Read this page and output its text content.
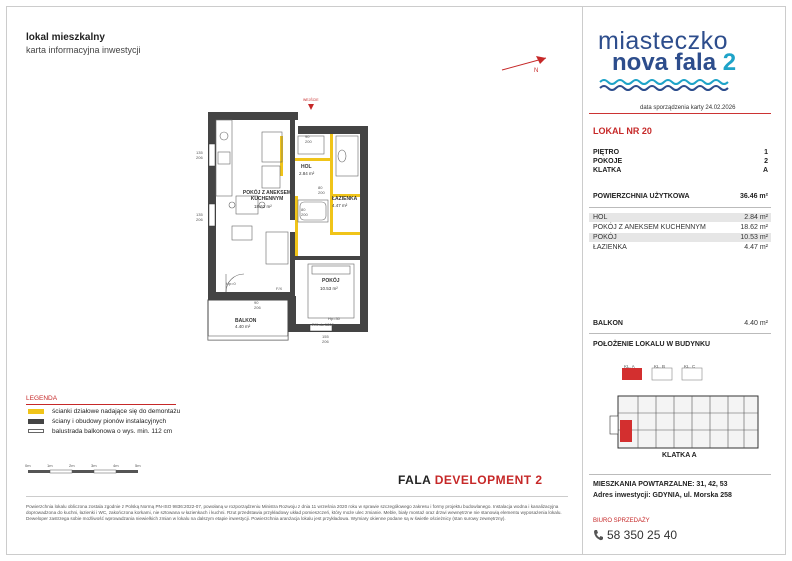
lokal mieszkalny
karta informacyjna inwestycji
N
miasteczko
nova fala 2
data sporządzenia karty 24.02.2026
LOKAL NR 20
PIĘTRO	1
POKOJE	2
KLATKA	A
POWIERZCHNIA UŻYTKOWA	36.46 m²
HOL	2.84 m²
POKÓJ Z ANEKSEM KUCHENNYM	18.62 m²
POKÓJ	10.53 m²
ŁAZIENKA	4.47 m²
BALKON	4.40 m²
POŁOŻENIE LOKALU W BUDYNKU
KL. A	KL. B	KL. C
KLATKA A
MIESZKANIA POWTARZALNE: 31, 42, 53
Adres inwestycji: GDYNIA, ul. Morska 258
BIURO SPRZEDAŻY
58 350 25 40
FALA DEVELOPMENT 2
LEGENDA
ścianki działowe nadające się do demontażu
ściany i obudowy pionów instalacyjnych
balustrada balkonowa o wys. min. 112 cm
0m	1m	2m	3m	4m	5m
Powierzchnia lokalu obliczona zostala zgodnie z Polską Normą PN-ISO 9836:2022-07, powołaną w rozporządzeniu Ministra Rozwoju z dnia 11 września 2020 roku w sprawie szczegółowego zakresu i formy projektu budowlanego. Instalacja wodna i kanalizacyjna doprowadzona do kuchni, łazienki i WC, zakończona korkami, nie sztowana w łazienkach i kuchni. Rzut przedstawia przykładowy układ pomieszczeń, który może ulec zmianie. Meble, biały montaż oraz drzwi wewnętrzne nie stanowią elementu wyposażenia lokalu. Deweloper zastrzega sobie możliwość wprowadzania niewielkich zmian w lokalu na dalszym etapie inwestycji. Powierzchnia aranżacja lokalu jest przykładowa. Wymiary okienne podane są w świetle ościeżnicy (stan surowy zewnętrzny).
WEJŚCIE
HOL
2.84 m²
POKÓJ Z ANEKSEM
KUCHENNYM
18.62 m²
ŁAZIENKA
4.47 m²
POKÓJ
10.53 m²
BALKON
4.40 m²
135
206
135
206
90
200
80
200
80
200
90
206
155
206
Hp=0
F/X
Hp=30
F/X do 1800
